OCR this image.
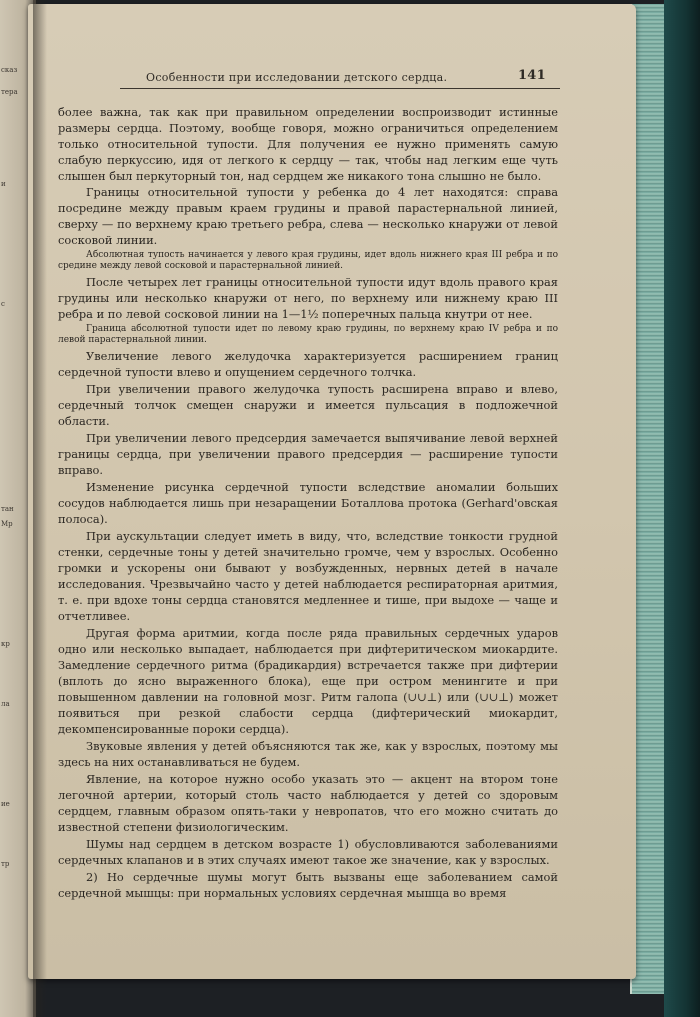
сказ
тера
и
с
тан
Мр
кр
ла
ие
тр
Особенности при исследовании детского сердца.	141

более важна, так как при правильном определении воспроизводит истинные размеры сердца. Поэтому, вообще говоря, можно ограничиться определением только относительной тупости. Для получения ее нужно применять самую слабую перкуссию, идя от легкого к сердцу — так, чтобы над легким еще чуть слышен был перкуторный тон, над сердцем же никакого тона слышно не было.

Границы относительной тупости у ребенка до 4 лет находятся: справа посредине между правым краем грудины и правой парастернальной линией, сверху — по верхнему краю третьего ребра, слева — несколько кнаружи от левой сосковой линии.

Абсолютная тупость начинается у левого края грудины, идет вдоль нижнего края III ребра и по средине между левой сосковой и парастернальной линией.

После четырех лет границы относительной тупости идут вдоль правого края грудины или несколько кнаружи от него, по верхнему или нижнему краю III ребра и по левой сосковой линии на 1—1½ поперечных пальца кнутри от нее.

Граница абсолютной тупости идет по левому краю грудины, по верхнему краю IV ребра и по левой парастернальной линии.

Увеличение левого желудочка характеризуется расширением границ сердечной тупости влево и опущением сердечного толчка.

При увеличении правого желудочка тупость расширена вправо и влево, сердечный толчок смещен снаружи и имеется пульсация в подложечной области.

При увеличении левого предсердия замечается выпячивание левой верхней границы сердца, при увеличении правого предсердия — расширение тупости вправо.

Изменение рисунка сердечной тупости вследствие аномалии больших сосудов наблюдается лишь при незаращении Боталлова протока (Gerhard'овская полоса).

При аускультации следует иметь в виду, что, вследствие тонкости грудной стенки, сердечные тоны у детей значительно громче, чем у взрослых. Особенно громки и ускорены они бывают у возбужденных, нервных детей в начале исследования. Чрезвычайно часто у детей наблюдается респираторная аритмия, т. е. при вдохе тоны сердца становятся медленнее и тише, при выдохе — чаще и отчетливее.

Другая форма аритмии, когда после ряда правильных сердечных ударов одно или несколько выпадает, наблюдается при дифтеритическом миокардите. Замедление сердечного ритма (брадикардия) встречается также при дифтерии (вплоть до ясно выраженного блока), еще при остром менингите и при повышенном давлении на головной мозг. Ритм галопа (∪∪⊥) или (∪∪⊥) может появиться при резкой слабости сердца (дифтерический миокардит, декомпенсированные пороки сердца).

Звуковые явления у детей объясняются так же, как у взрослых, поэтому мы здесь на них останавливаться не будем.

Явление, на которое нужно особо указать это — акцент на втором тоне легочной артерии, который столь часто наблюдается у детей со здоровым сердцем, главным образом опять-таки у невропатов, что его можно считать до известной степени физиологическим.

Шумы над сердцем в детском возрасте 1) обусловливаются заболеваниями сердечных клапанов и в этих случаях имеют такое же значение, как у взрослых.

2) Но сердечные шумы могут быть вызваны еще заболеванием самой сердечной мышцы: при нормальных условиях сердечная мышца во время
